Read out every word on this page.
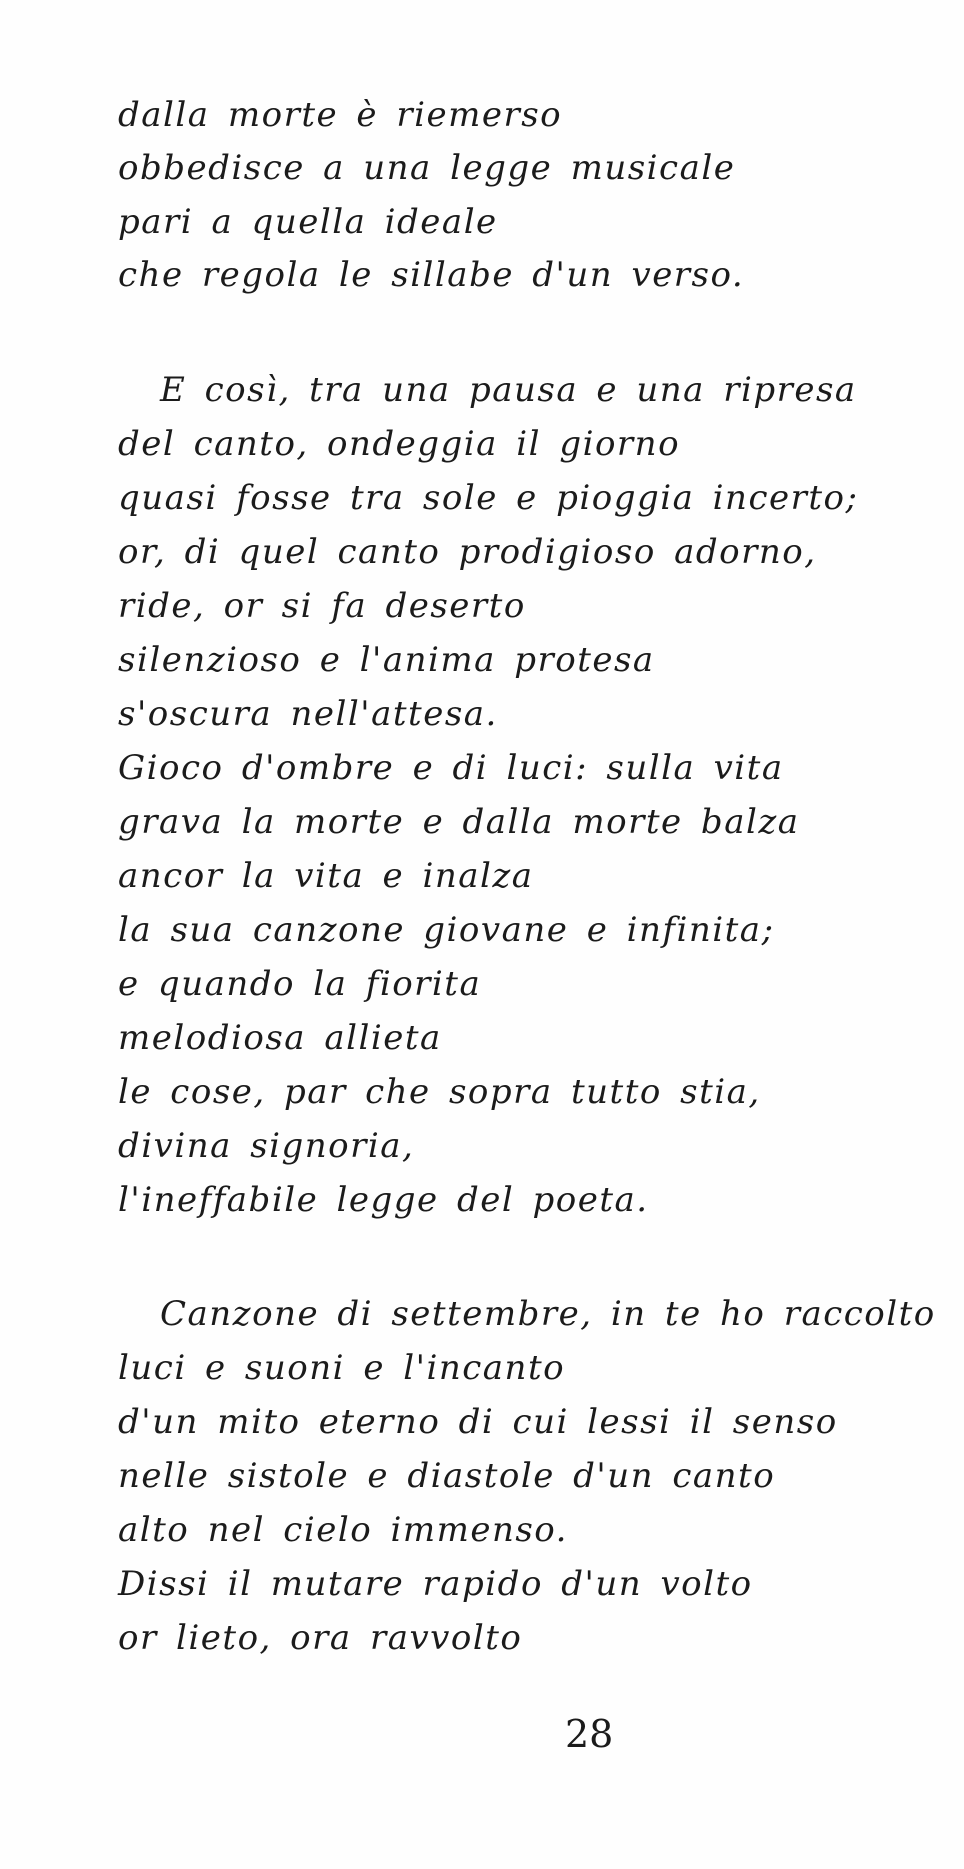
dalla morte è riemerso
obbedisce a una legge musicale
pari a quella ideale
che regola le sillabe d'un verso.
E così, tra una pausa e una ripresa
del canto, ondeggia il giorno
quasi fosse tra sole e pioggia incerto;
or, di quel canto prodigioso adorno,
ride, or si fa deserto
silenzioso e l'anima protesa
s'oscura nell'attesa.
Gioco d'ombre e di luci: sulla vita
grava la morte e dalla morte balza
ancor la vita e inalza
la sua canzone giovane e infinita;
e quando la fiorita
melodiosa allieta
le cose, par che sopra tutto stia,
divina signoria,
l'ineffabile legge del poeta.
Canzone di settembre, in te ho raccolto
luci e suoni e l'incanto
d'un mito eterno di cui lessi il senso
nelle sistole e diastole d'un canto
alto nel cielo immenso.
Dissi il mutare rapido d'un volto
or lieto, ora ravvolto
28
